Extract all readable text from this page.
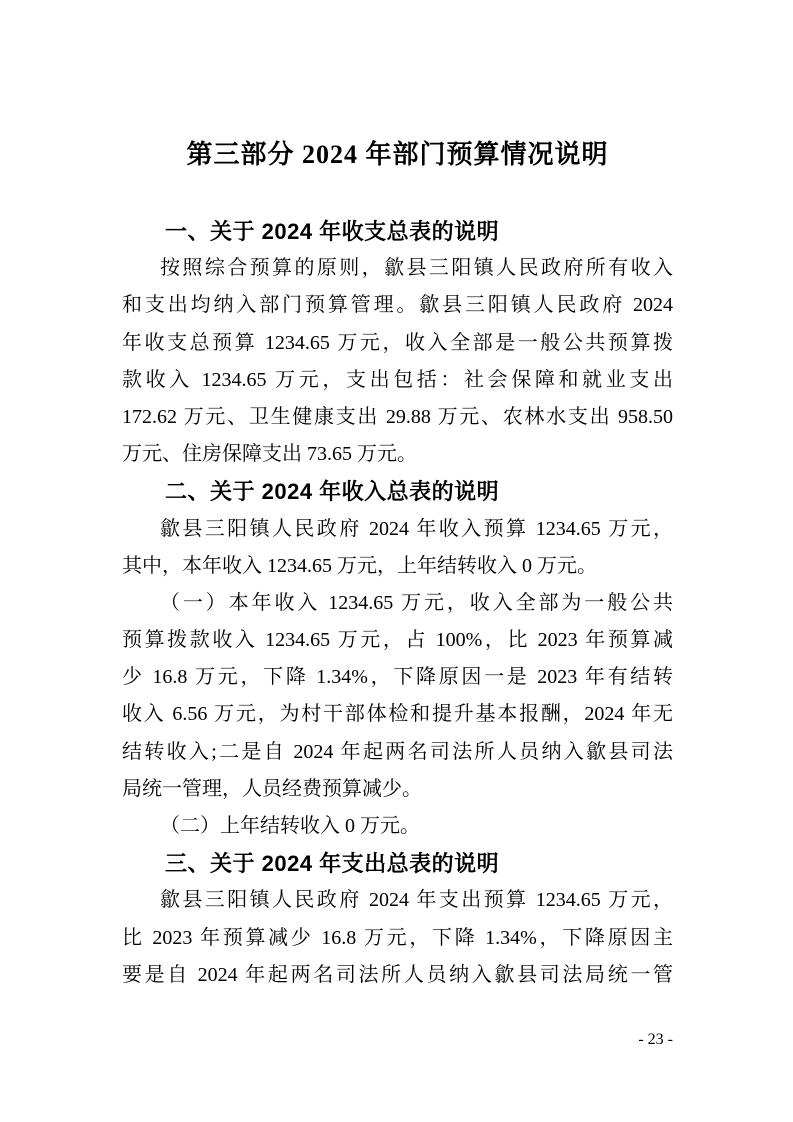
第三部分 2024 年部门预算情况说明
一、关于 2024 年收支总表的说明
按照综合预算的原则，歙县三阳镇人民政府所有收入
和支出均纳入部门预算管理。歙县三阳镇人民政府 2024
年收支总预算 1234.65 万元，收入全部是一般公共预算拨
款收入 1234.65 万元，支出包括：社会保障和就业支出
172.62 万元、卫生健康支出 29.88 万元、农林水支出 958.50
万元、住房保障支出 73.65 万元。
二、关于 2024 年收入总表的说明
歙县三阳镇人民政府 2024 年收入预算 1234.65 万元，
其中，本年收入 1234.65 万元，上年结转收入 0 万元。
（一）本年收入 1234.65 万元，收入全部为一般公共
预算拨款收入 1234.65 万元，占 100%，比 2023 年预算减
少 16.8 万元，下降 1.34%，下降原因一是 2023 年有结转
收入 6.56 万元，为村干部体检和提升基本报酬，2024 年无
结转收入;二是自 2024 年起两名司法所人员纳入歙县司法
局统一管理，人员经费预算减少。
（二）上年结转收入 0 万元。
三、关于 2024 年支出总表的说明
歙县三阳镇人民政府 2024 年支出预算 1234.65 万元，
比 2023 年预算减少 16.8 万元，下降 1.34%，下降原因主
要是自 2024 年起两名司法所人员纳入歙县司法局统一管
- 23 -
